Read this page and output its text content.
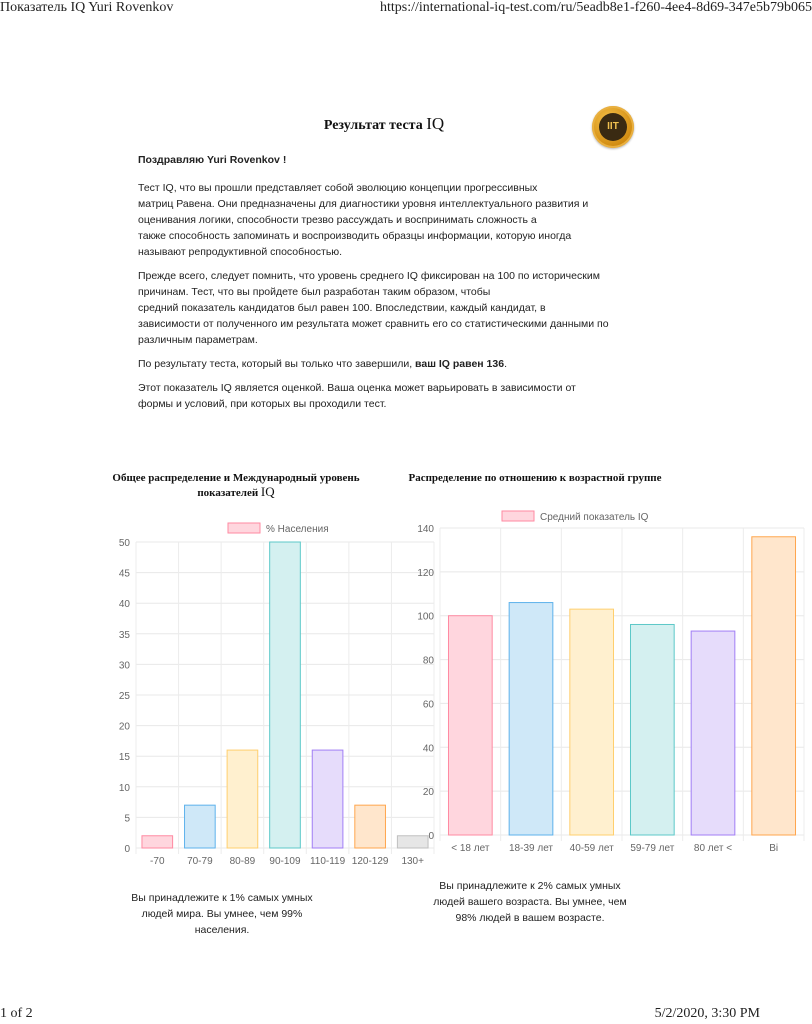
Показатель IQ Yuri Rovenkov	https://international-iq-test.com/ru/5eadb8e1-f260-4ee4-8d69-347e5b79b065
Результат теста IQ	IIT

Поздравляю Yuri Rovenkov !

Тест IQ, что вы прошли представляет собой эволюцию концепции прогрессивных
матриц Равена. Они предназначены для диагностики уровня интеллектуального развития и
оценивания логики, способности трезво рассуждать и воспринимать сложность а
также способность запоминать и воспроизводить образцы информации, которую иногда
называют репродуктивной способностью.

Прежде всего, следует помнить, что уровень среднего IQ фиксирован на 100 по историческим
причинам. Тест, что вы пройдете был разработан таким образом, чтобы
средний показатель кандидатов был равен 100. Впоследствии, каждый кандидат, в
зависимости от полученного им результата может сравнить его со статистическими данными по
различным параметрам.

По результату теста, который вы только что завершили, ваш IQ равен 136.

Этот показатель IQ является оценкой. Ваша оценка может варьировать в зависимости от
формы и условий, при которых вы проходили тест.

Общее распределение и Международный уровень
показателей IQ
Распределение по отношению к возрастной группе
% Населения
0
5
10
15
20
25
30
35
40
45
50
-70 70-79 80-89 90-109 110-119 120-129 130+
Средний показатель IQ
0
20
40
60
80
100
120
140
< 18 лет 18-39 лет 40-59 лет 59-79 лет 80 лет <	Ві
Вы принадлежите к 1% самых умных
людей мира. Вы умнее, чем 99%
населения.
Вы принадлежите к 2% самых умных
людей вашего возраста. Вы умнее, чем
98% людей в вашем возрасте.
1 of 2	5/2/2020, 3:30 PM
